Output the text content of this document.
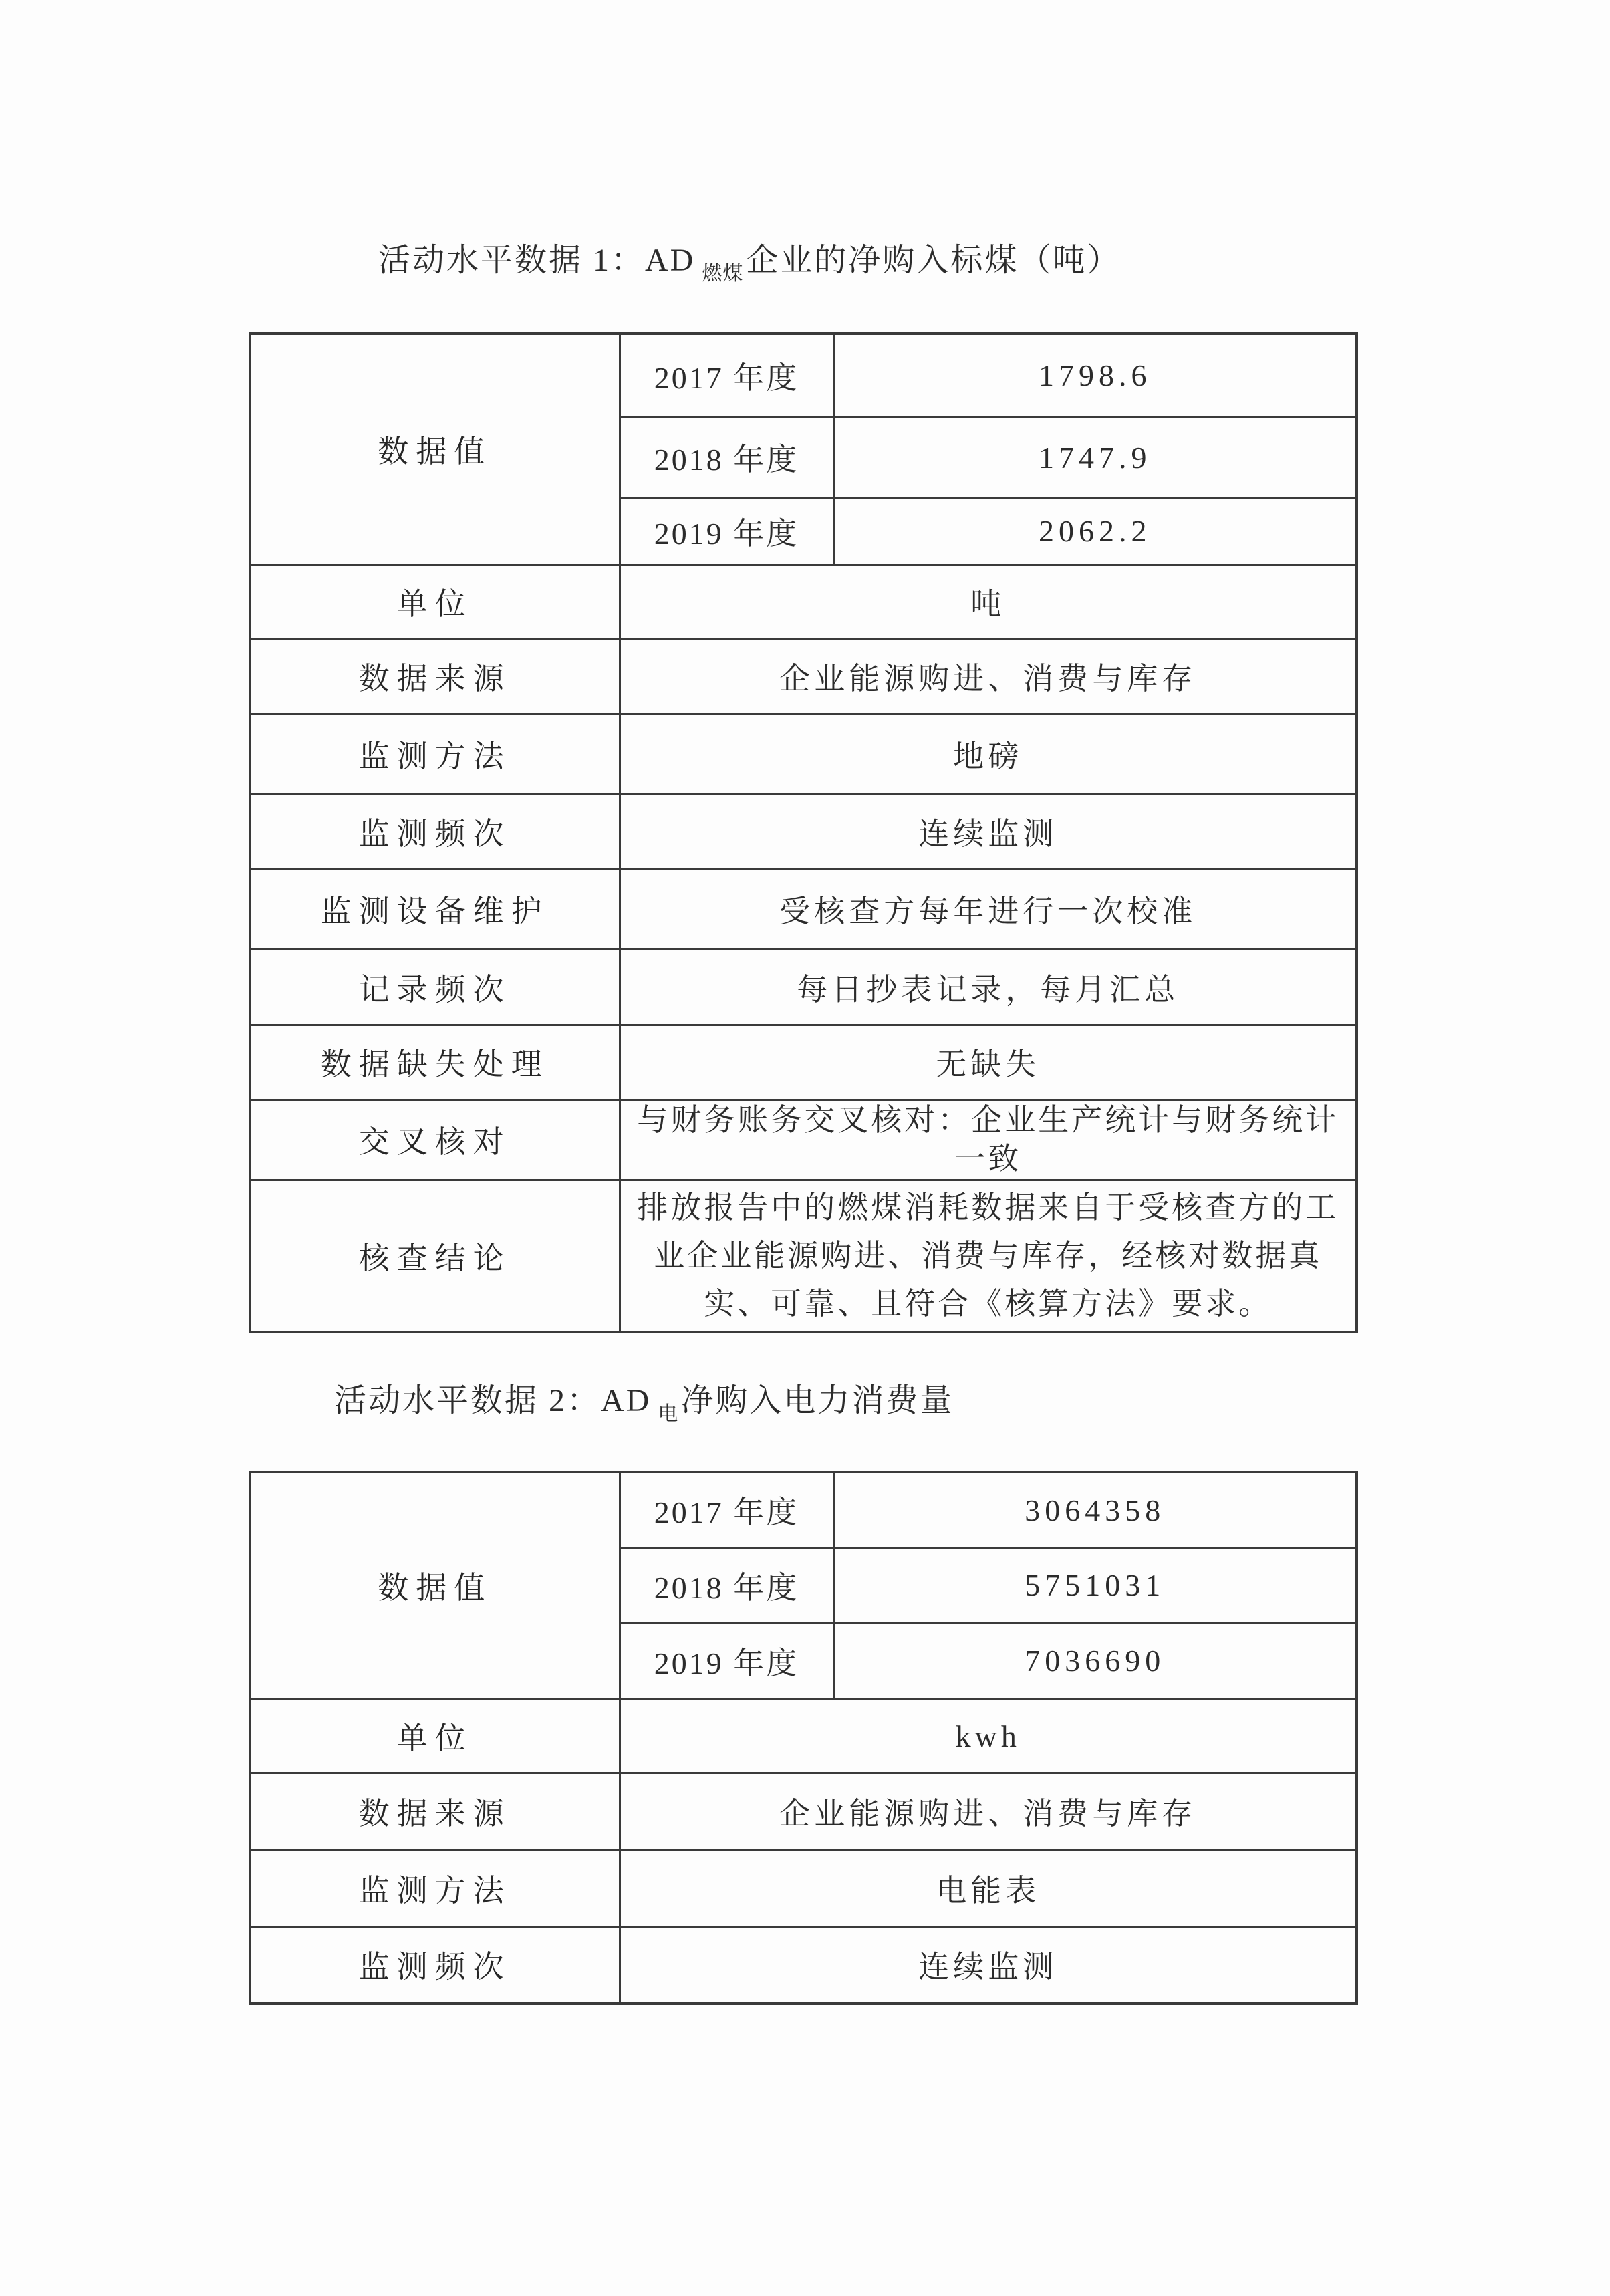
活动水平数据 1：AD $_{燃煤}$企业的净购入标煤（吨）
数据值	2017 年度	1798.6
	2018 年度	1747.9
	2019 年度	2062.2
单位	吨	
数据来源	企业能源购进、消费与库存	
监测方法	地磅	
监测频次	连续监测	
监测设备维护	受核查方每年进行一次校准	
记录频次	每日抄表记录，每月汇总	
数据缺失处理	无缺失	
交叉核对	与财务账务交叉核对：企业生产统计与财务统计一致	
核查结论	排放报告中的燃煤消耗数据来自于受核查方的工业企业能源购进、消费与库存，经核对数据真实、可靠、且符合《核算方法》要求。	
活动水平数据 2：AD $_电$净购入电力消费量
数据值	2017 年度	3064358
	2018 年度	5751031
	2019 年度	7036690
单位	kwh	
数据来源	企业能源购进、消费与库存	
监测方法	电能表	
监测频次	连续监测	
